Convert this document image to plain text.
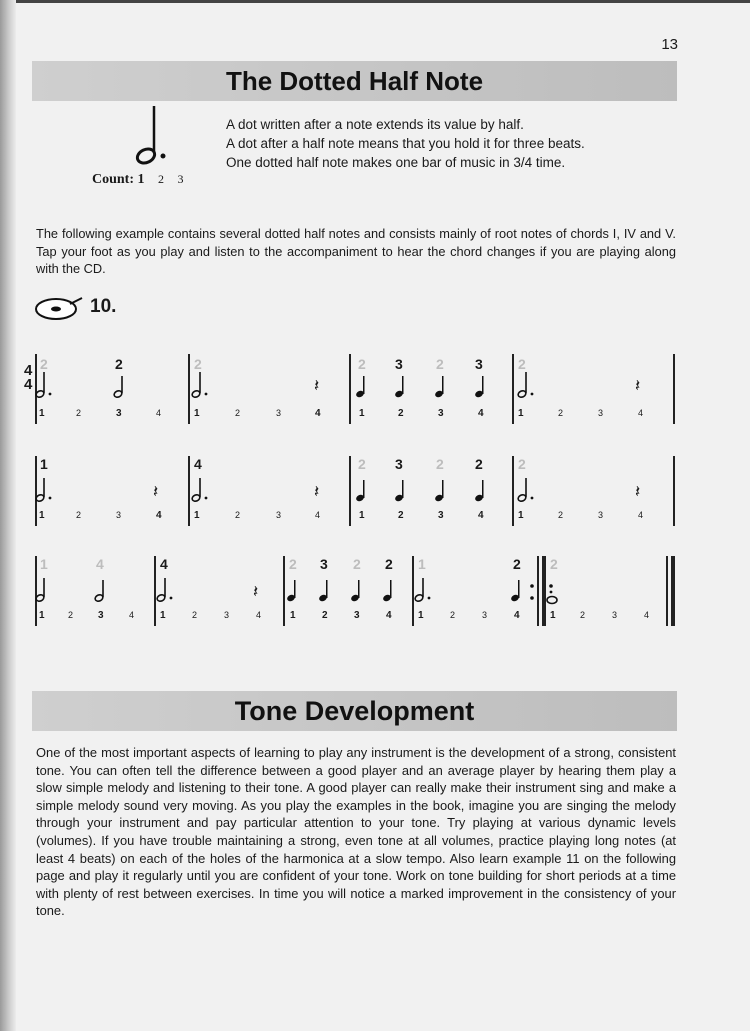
13
The Dotted Half Note
Count: 1 2 3
A dot written after a note extends its value by half.
A dot after a half note means that you hold it for three beats.
One dotted half note makes one bar of music in 3/4 time.
The following example contains several dotted half notes and consists mainly of root notes of chords I, IV and V. Tap your foot as you play and listen to the accompaniment to hear the chord changes if you are playing along with the CD.
10.
4
4
2	2	2	2 3 2 3	2
𝄽	𝄽
1	2	3	4	1	2	3	4	1	2	3	4	1	2	3	4
1	4	2 3 2 2	2
𝄽	𝄽	𝄽
1	2	3	4	1	2	3	4	1	2	3	4	1	2	3	4
1	4	4	2 3 2 2 1	2 2
𝄽
1	2 3	4	1	2	3	4	1	2	3	4	1	2	3	4	1	2	3	4
Tone Development
One of the most important aspects of learning to play any instrument is the development of a strong, consistent tone. You can often tell the difference between a good player and an average player by hearing them play a slow simple melody and listening to their tone. A good player can really make their instrument sing and make a simple melody sound very moving. As you play the examples in the book, imagine you are singing the melody through your instrument and pay particular attention to your tone. Try playing at various dynamic levels (volumes). If you have trouble maintaining a strong, even tone at all volumes, practice playing long notes (at least 4 beats) on each of the holes of the harmonica at a slow tempo. Also learn example 11 on the following page and play it regularly until you are confident of your tone. Work on tone building for short periods at a time with plenty of rest between exercises. In time you will notice a marked improvement in the consistency of your tone.
